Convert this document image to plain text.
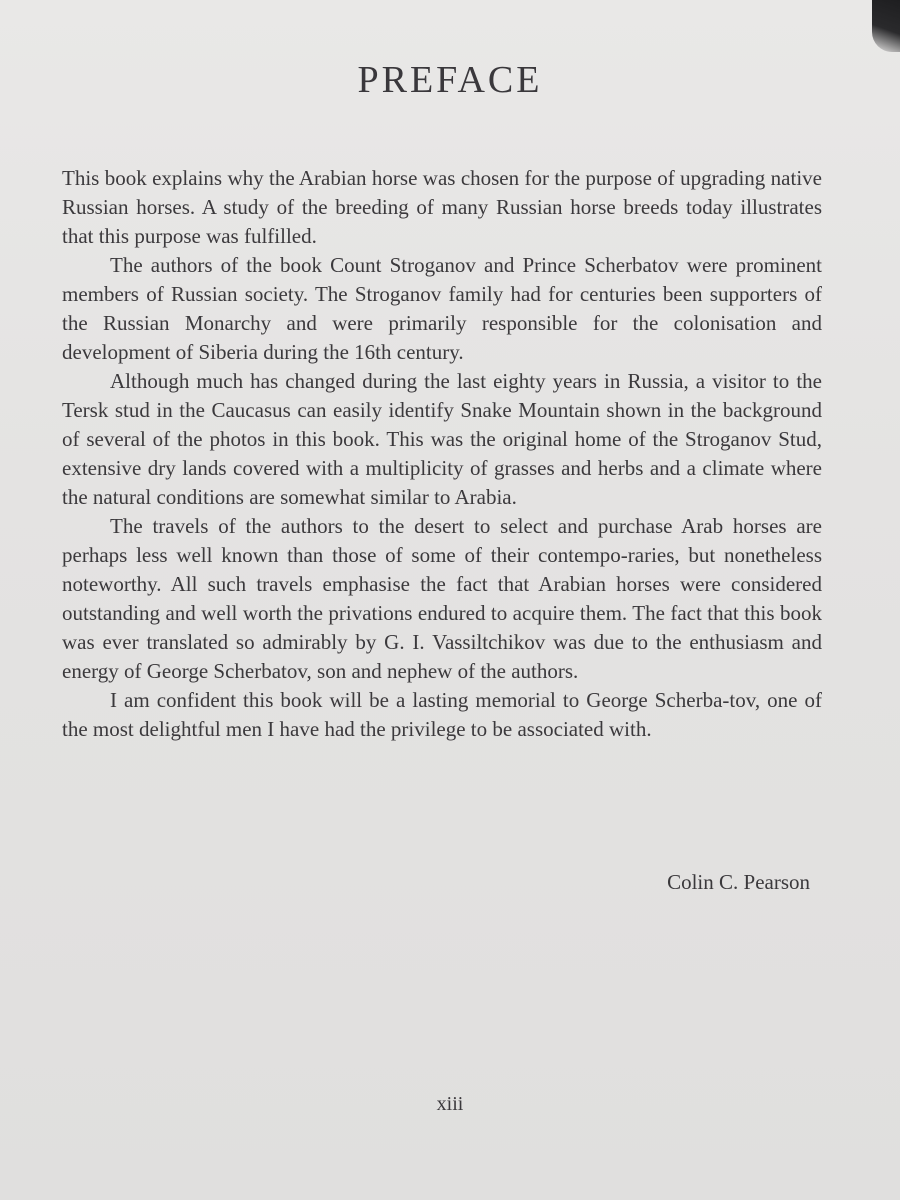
PREFACE

This book explains why the Arabian horse was chosen for the purpose of upgrading native Russian horses. A study of the breeding of many Russian horse breeds today illustrates that this purpose was fulfilled.

The authors of the book Count Stroganov and Prince Scherbatov were prominent members of Russian society. The Stroganov family had for centuries been supporters of the Russian Monarchy and were primarily responsible for the colonisation and development of Siberia during the 16th century.

Although much has changed during the last eighty years in Russia, a visitor to the Tersk stud in the Caucasus can easily identify Snake Mountain shown in the background of several of the photos in this book. This was the original home of the Stroganov Stud, extensive dry lands covered with a multiplicity of grasses and herbs and a climate where the natural conditions are somewhat similar to Arabia.

The travels of the authors to the desert to select and purchase Arab horses are perhaps less well known than those of some of their contempo-raries, but nonetheless noteworthy. All such travels emphasise the fact that Arabian horses were considered outstanding and well worth the privations endured to acquire them. The fact that this book was ever translated so admirably by G. I. Vassiltchikov was due to the enthusiasm and energy of George Scherbatov, son and nephew of the authors.

I am confident this book will be a lasting memorial to George Scherba-tov, one of the most delightful men I have had the privilege to be associated with.

Colin C. Pearson
xiii
